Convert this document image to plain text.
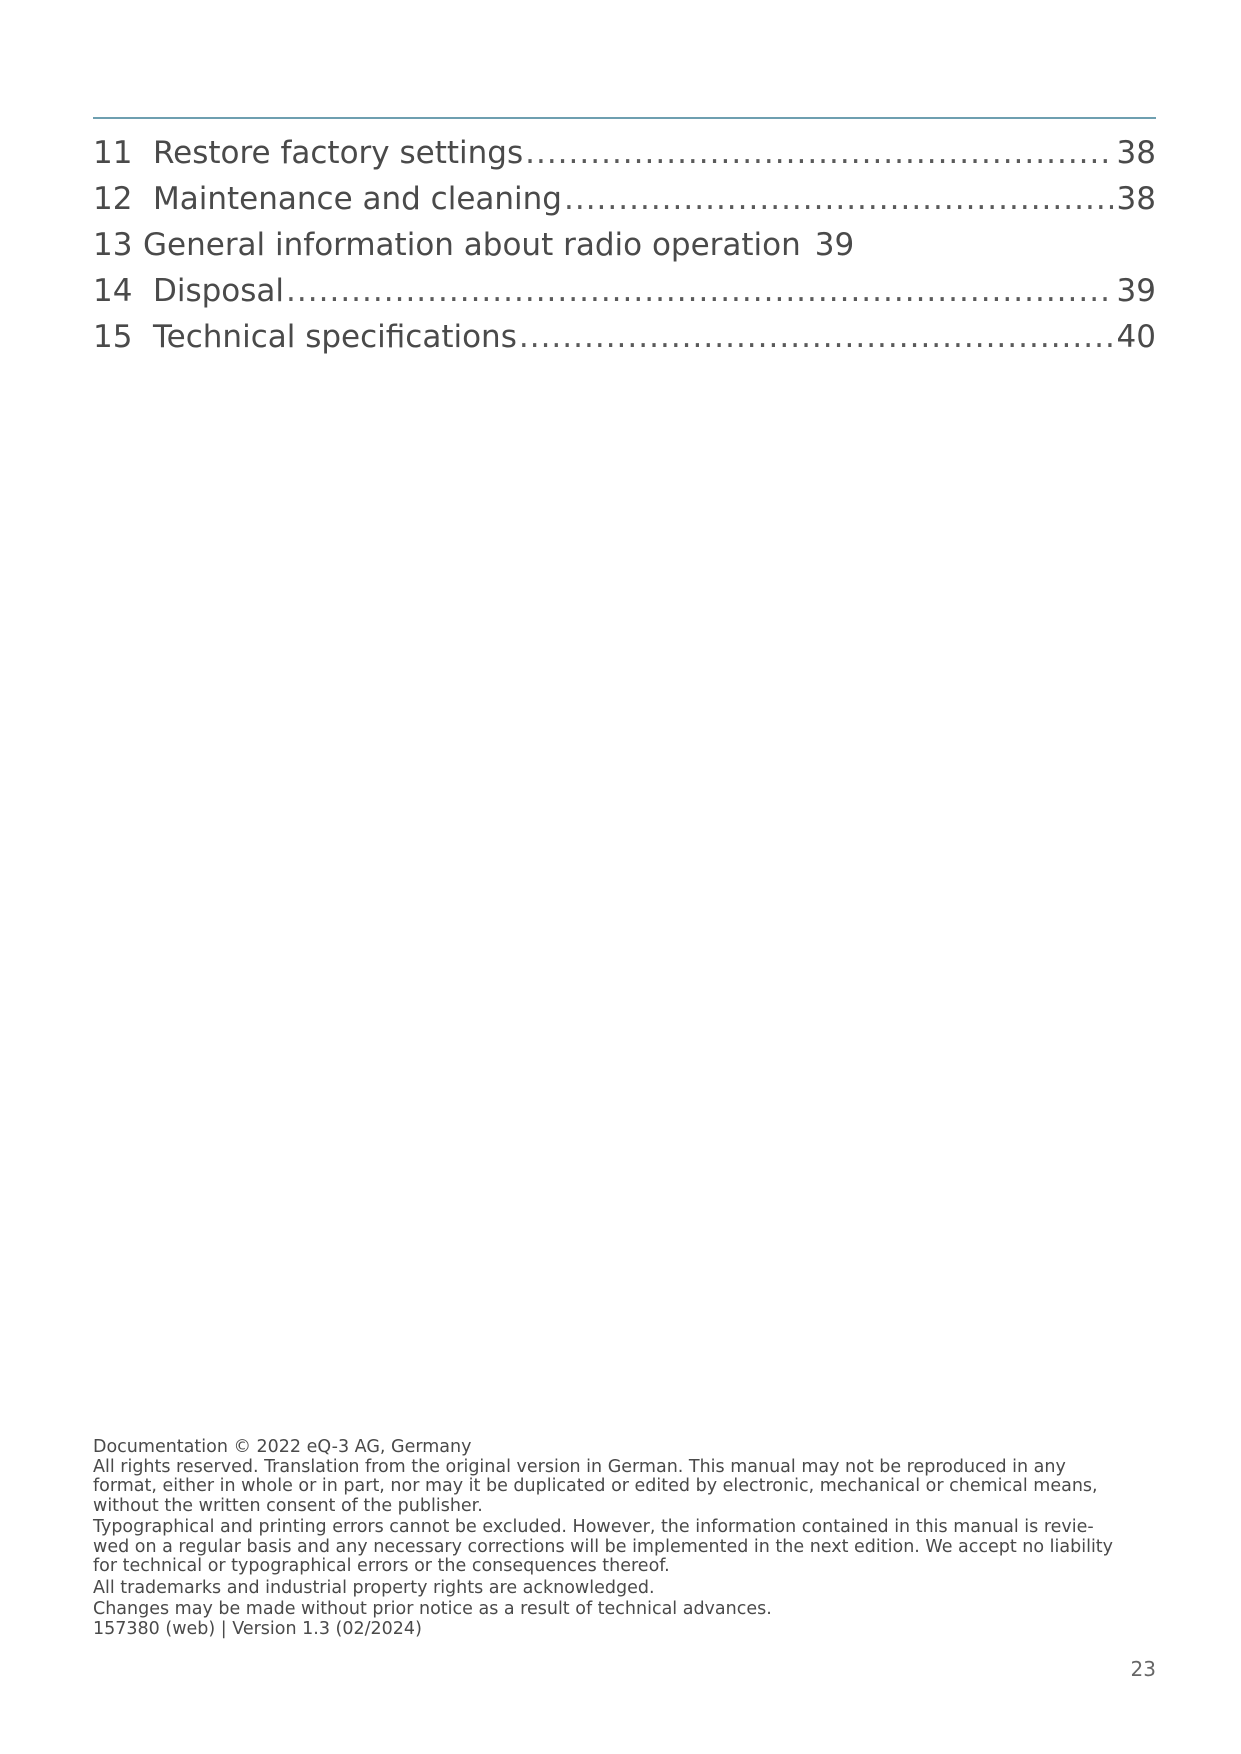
11 Restore factory settings .....	38
12 Maintenance and cleaning .....	38
13 General information about radio operation 39
14 Disposal .....	39
15 Technical specifications .....	40

Documentation © 2022 eQ-3 AG, Germany

All rights reserved. Translation from the original version in German. This manual may not be reproduced in any

format, either in whole or in part, nor may it be duplicated or edited by electronic, mechanical or chemical means,

without the written consent of the publisher.

Typographical and printing errors cannot be excluded. However, the information contained in this manual is revie-

wed on a regular basis and any necessary corrections will be implemented in the next edition. We accept no liability

for technical or typographical errors or the consequences thereof.

All trademarks and industrial property rights are acknowledged.

Changes may be made without prior notice as a result of technical advances.

157380 (web) | Version 1.3 (02/2024)

23
